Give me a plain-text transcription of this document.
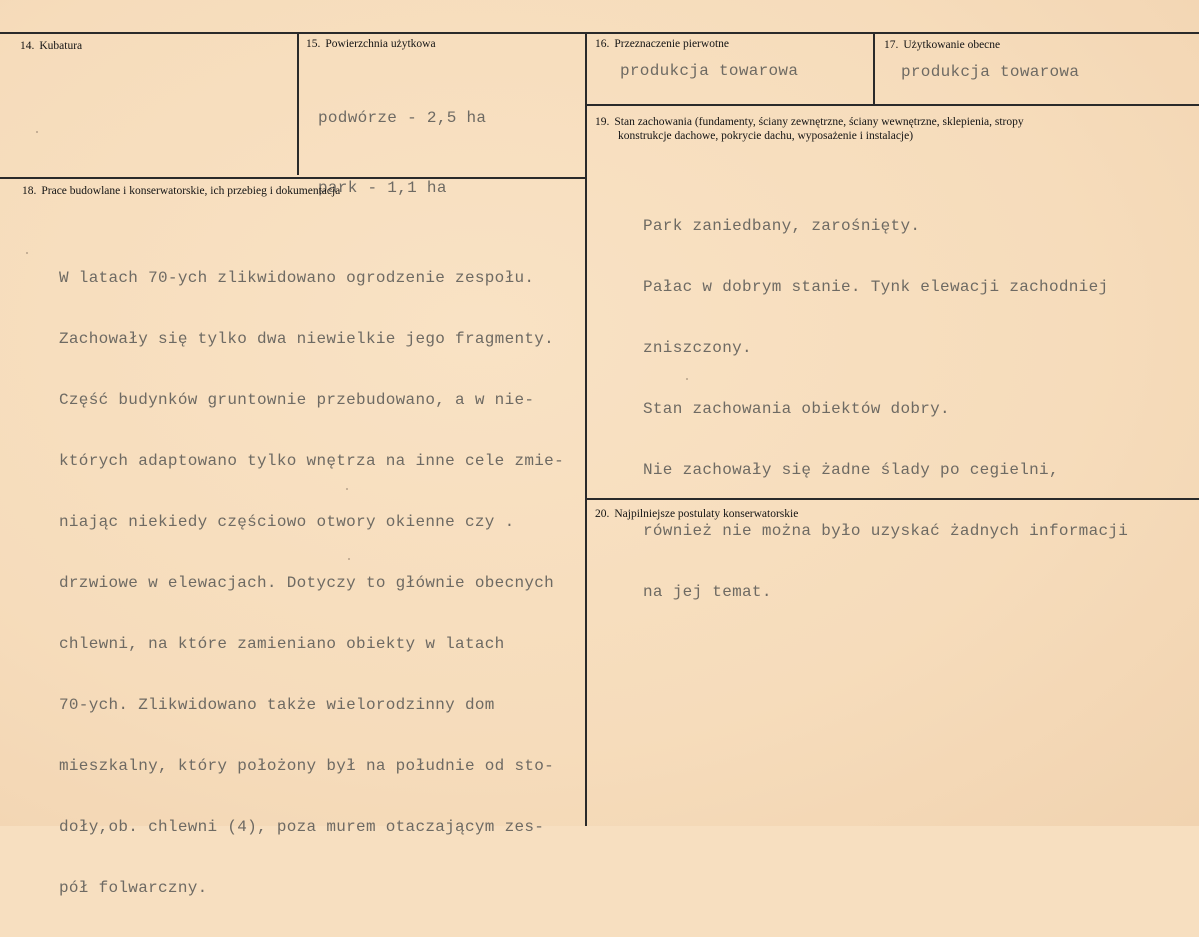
14. Kubatura	15. Powierzchnia użytkowa

podwórze - 2,5 ha

park - 1,1 ha

16. Przeznaczenie pierwotne
produkcja towarowa
17. Użytkowanie obecne
produkcja towarowa
19. Stan zachowania (fundamenty, ściany zewnętrzne, ściany wewnętrzne, sklepienia, stropy
konstrukcje dachowe, pokrycie dachu, wyposażenie i instalacje)

Park zaniedbany, zarośnięty.

Pałac w dobrym stanie. Tynk elewacji zachodniej

zniszczony.

Stan zachowania obiektów dobry.

Nie zachowały się żadne ślady po cegielni,

również nie można było uzyskać żadnych informacji

na jej temat.

18. Prace budowlane i konserwatorskie, ich przebieg i dokumentacja

W latach 70-ych zlikwidowano ogrodzenie zespołu.

Zachowały się tylko dwa niewielkie jego fragmenty.

Część budynków gruntownie przebudowano, a w nie-

których adaptowano tylko wnętrza na inne cele zmie-

niając niekiedy częściowo otwory okienne czy .

drzwiowe w elewacjach. Dotyczy to głównie obecnych

chlewni, na które zamieniano obiekty w latach

70-ych. Zlikwidowano także wielorodzinny dom

mieszkalny, który położony był na południe od sto-

doły,ob. chlewni (4), poza murem otaczającym zes-

pół folwarczny.

20. Najpilniejsze postulaty konserwatorskie
